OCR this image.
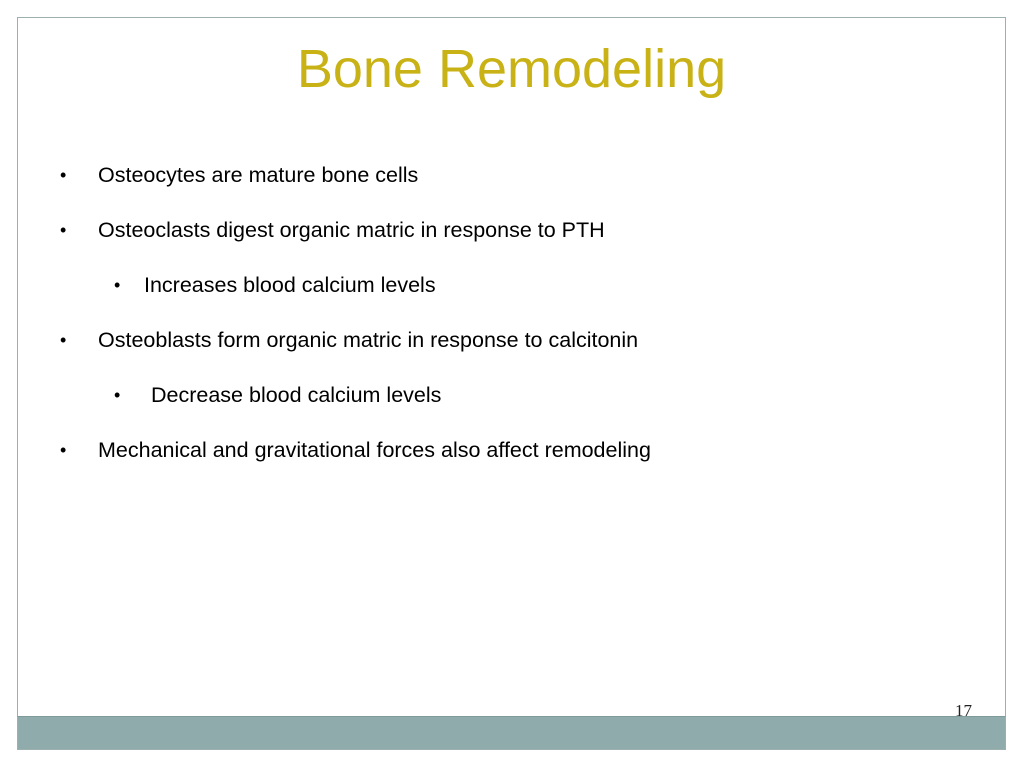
Bone Remodeling
• Osteocytes are mature bone cells
• Osteoclasts digest organic matric in response to PTH
• Increases blood calcium levels
• Osteoblasts form organic matric in response to calcitonin
• Decrease blood calcium levels
• Mechanical and gravitational forces also affect remodeling
17
